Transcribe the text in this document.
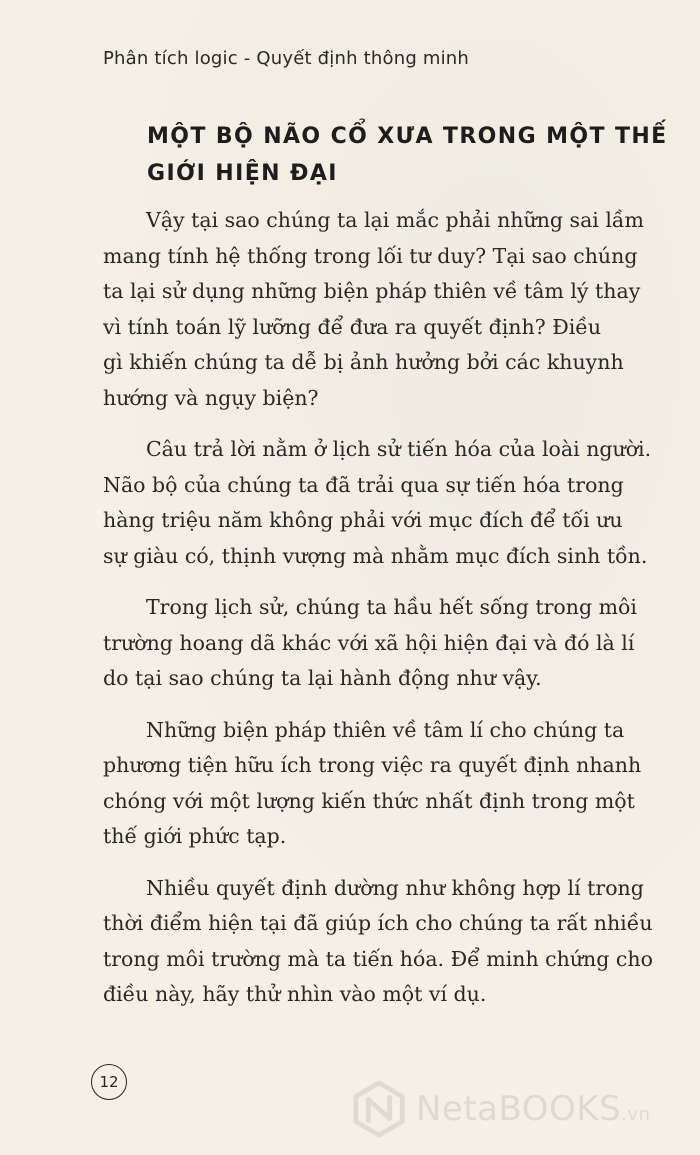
Phân tích logic - Quyết định thông minh
MỘT BỘ NÃO CỔ XƯA TRONG MỘT THẾ
GIỚI HIỆN ĐẠI

Vậy tại sao chúng ta lại mắc phải những sai lầm
mang tính hệ thống trong lối tư duy? Tại sao chúng
ta lại sử dụng những biện pháp thiên về tâm lý thay
vì tính toán lỹ lưỡng để đưa ra quyết định? Điều
gì khiến chúng ta dễ bị ảnh hưởng bởi các khuynh
hướng và ngụy biện?

Câu trả lời nằm ở lịch sử tiến hóa của loài người.
Não bộ của chúng ta đã trải qua sự tiến hóa trong
hàng triệu năm không phải với mục đích để tối ưu
sự giàu có, thịnh vượng mà nhằm mục đích sinh tồn.

Trong lịch sử, chúng ta hầu hết sống trong môi
trường hoang dã khác với xã hội hiện đại và đó là lí
do tại sao chúng ta lại hành động như vậy.

Những biện pháp thiên về tâm lí cho chúng ta
phương tiện hữu ích trong việc ra quyết định nhanh
chóng với một lượng kiến thức nhất định trong một
thế giới phức tạp.

Nhiều quyết định dường như không hợp lí trong
thời điểm hiện tại đã giúp ích cho chúng ta rất nhiều
trong môi trường mà ta tiến hóa. Để minh chứng cho
điều này, hãy thử nhìn vào một ví dụ.

12
NetaBOOKS.vn
